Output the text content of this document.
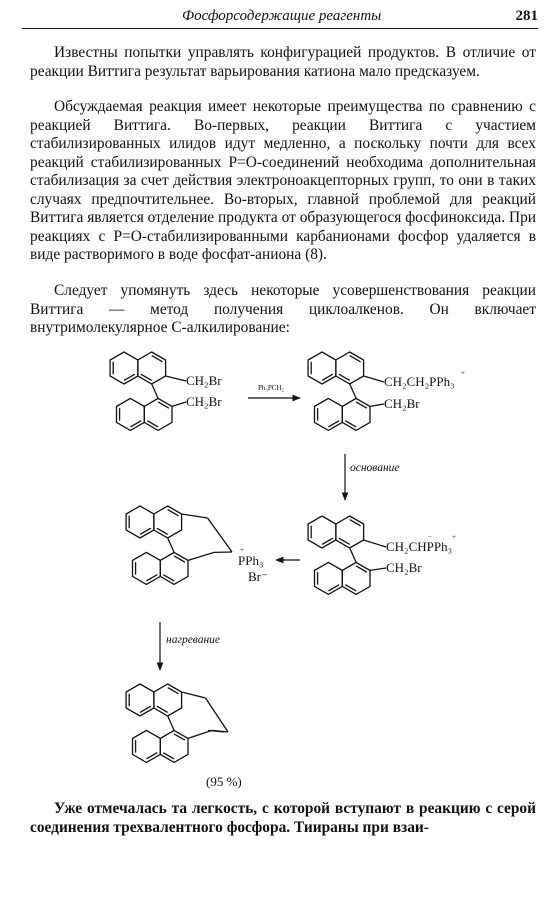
Фосфорсодержащие реагенты	281

Известны попытки управлять конфигурацией продуктов. В отличие от реакции Виттига результат варьирования катиона мало предсказуем.

Обсуждаемая реакция имеет некоторые преимущества по сравнению с реакцией Виттига. Во-первых, реакции Виттига с участием стабилизированных илидов идут медленно, а поскольку почти для всех реакций стабилизированных P=O-соединений необходима дополнительная стабилизация за счет действия электроноакцепторных групп, то они в таких случаях предпочтительнее. Во-вторых, главной проблемой для реакций Виттига является отделение продукта от образующегося фосфиноксида. При реакциях с P=O-стабилизированными карбанионами фосфор удаляется в виде растворимого в воде фосфат-аниона (8).

Следует упомянуть здесь некоторые усовершенствования реакции Виттига — метод получения циклоалкенов. Он включает внутримолекулярное С-алкилирование:

CH₂Br
CH₂Br
Ph₃PCH₂	CH₂CH₂PPh₃
+
CH₂Br
основание
CH₂CHPPh₃
−	+
CH₂Br
PPh₃
+
Br⁻
нагревание
(95 %)

Уже отмечалась та легкость, с которой вступают в реакцию с серой соединения трехвалентного фосфора. Тиираны при взаи-
